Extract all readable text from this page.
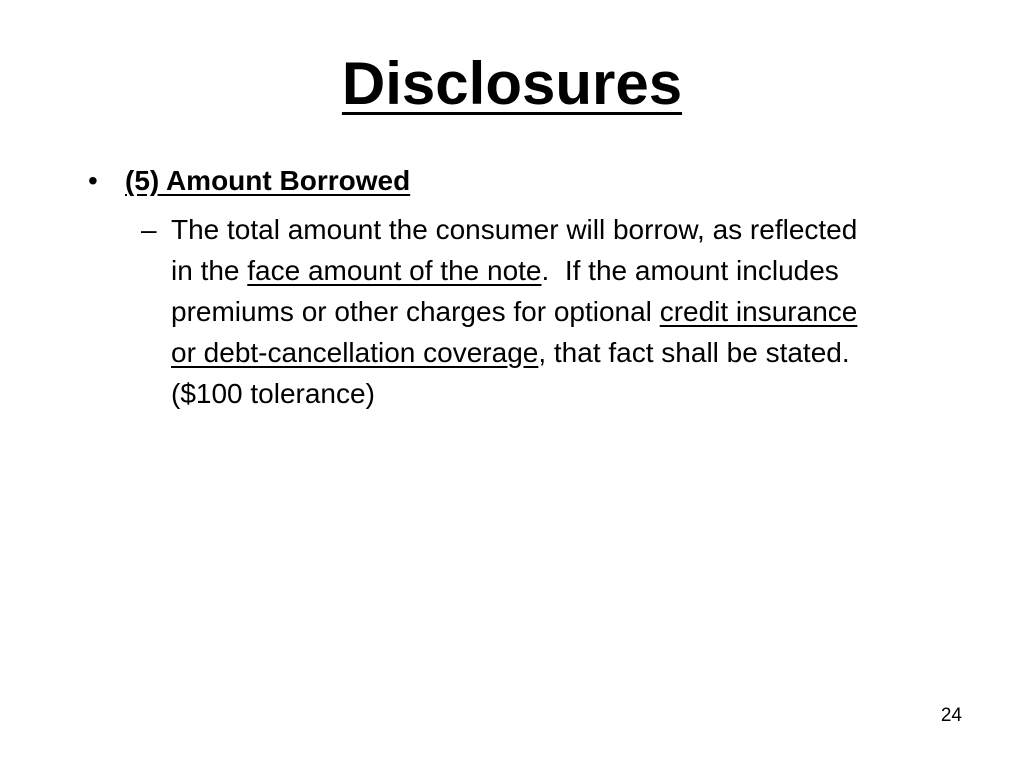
Disclosures
• (5) Amount Borrowed
– The total amount the consumer will borrow, as reflected in the face amount of the note.  If the amount includes premiums or other charges for optional credit insurance or debt-cancellation coverage, that fact shall be stated. ($100 tolerance)
24
